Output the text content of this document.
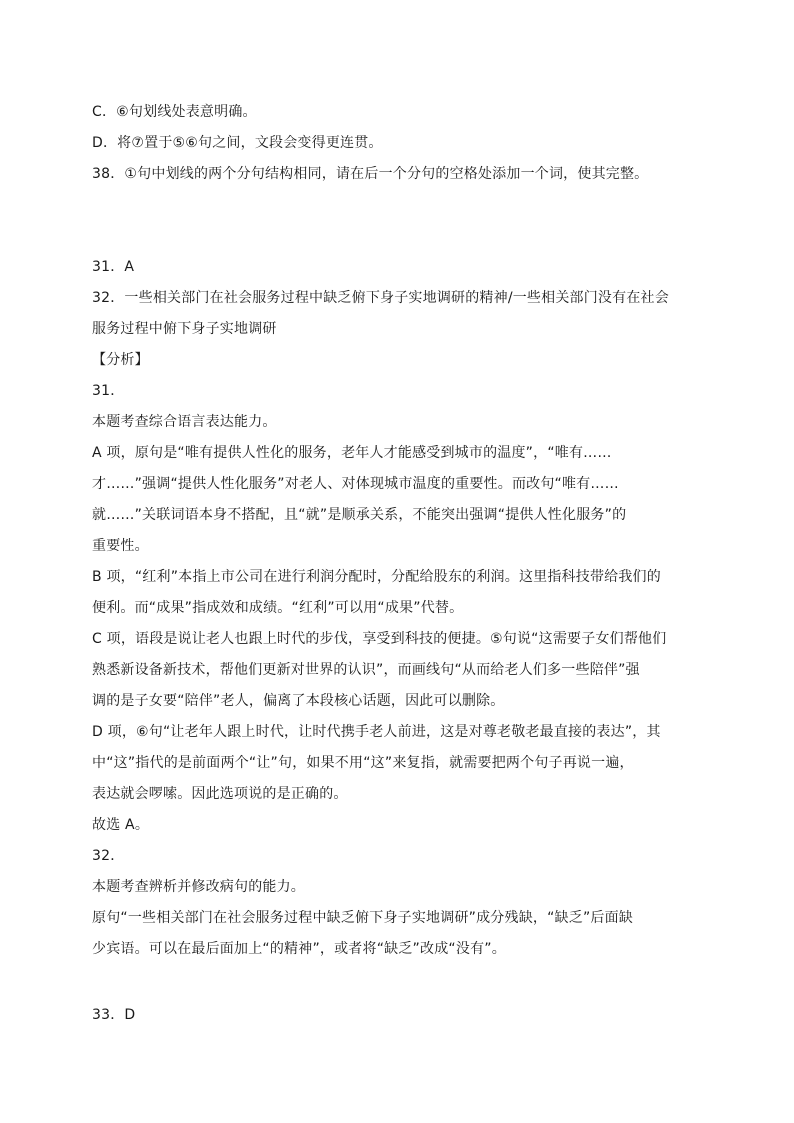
C．⑥句划线处表意明确。
D．将⑦置于⑤⑥句之间，文段会变得更连贯。
38．①句中划线的两个分句结构相同，请在后一个分句的空格处添加一个词，使其完整。
31．A
32．一些相关部门在社会服务过程中缺乏俯下身子实地调研的精神/一些相关部门没有在社会
服务过程中俯下身子实地调研
【分析】
31．
本题考查综合语言表达能力。
A 项，原句是“唯有提供人性化的服务，老年人才能感受到城市的温度”，“唯有……
才……”强调“提供人性化服务”对老人、对体现城市温度的重要性。而改句“唯有……
就……”关联词语本身不搭配，且“就”是顺承关系，不能突出强调“提供人性化服务”的
重要性。
B 项，“红利”本指上市公司在进行利润分配时，分配给股东的利润。这里指科技带给我们的
便利。而“成果”指成效和成绩。“红利”可以用“成果”代替。
C 项，语段是说让老人也跟上时代的步伐，享受到科技的便捷。⑤句说“这需要子女们帮他们
熟悉新设备新技术，帮他们更新对世界的认识”，而画线句“从而给老人们多一些陪伴”强
调的是子女要“陪伴”老人，偏离了本段核心话题，因此可以删除。
D 项，⑥句“让老年人跟上时代，让时代携手老人前进，这是对尊老敬老最直接的表达”，其
中“这”指代的是前面两个“让”句，如果不用“这”来复指，就需要把两个句子再说一遍，
表达就会啰嗦。因此选项说的是正确的。
故选 A。
32．
本题考查辨析并修改病句的能力。
原句“一些相关部门在社会服务过程中缺乏俯下身子实地调研”成分残缺，“缺乏”后面缺
少宾语。可以在最后面加上“的精神”，或者将“缺乏”改成“没有”。
33．D
